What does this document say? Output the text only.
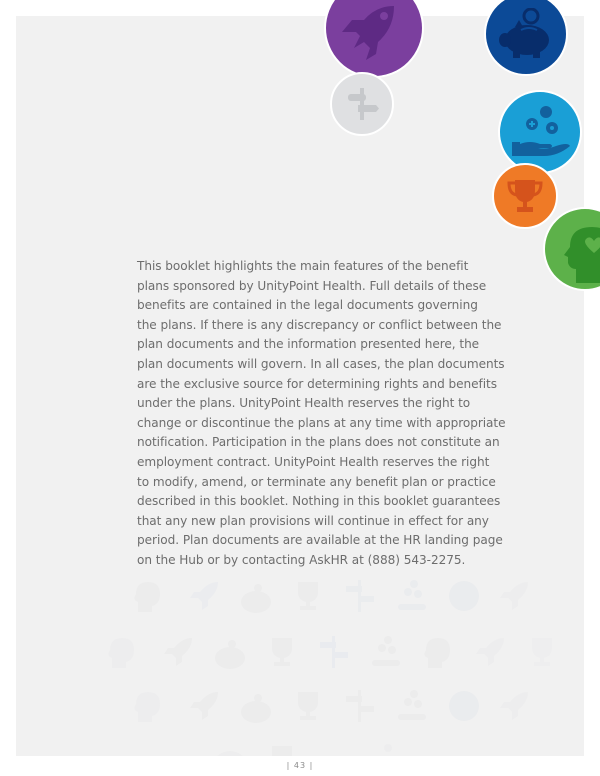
This booklet highlights the main features of the benefit
plans sponsored by UnityPoint Health. Full details of these
benefits are contained in the legal documents governing
the plans. If there is any discrepancy or conflict between the
plan documents and the information presented here, the
plan documents will govern. In all cases, the plan documents
are the exclusive source for determining rights and benefits
under the plans. UnityPoint Health reserves the right to
change or discontinue the plans at any time with appropriate
notification. Participation in the plans does not constitute an
employment contract. UnityPoint Health reserves the right
to modify, amend, or terminate any benefit plan or practice
described in this booklet. Nothing in this booklet guarantees
that any new plan provisions will continue in effect for any
period. Plan documents are available at the HR landing page
on the Hub or by contacting AskHR at (888) 543-2275.
| 43 |
